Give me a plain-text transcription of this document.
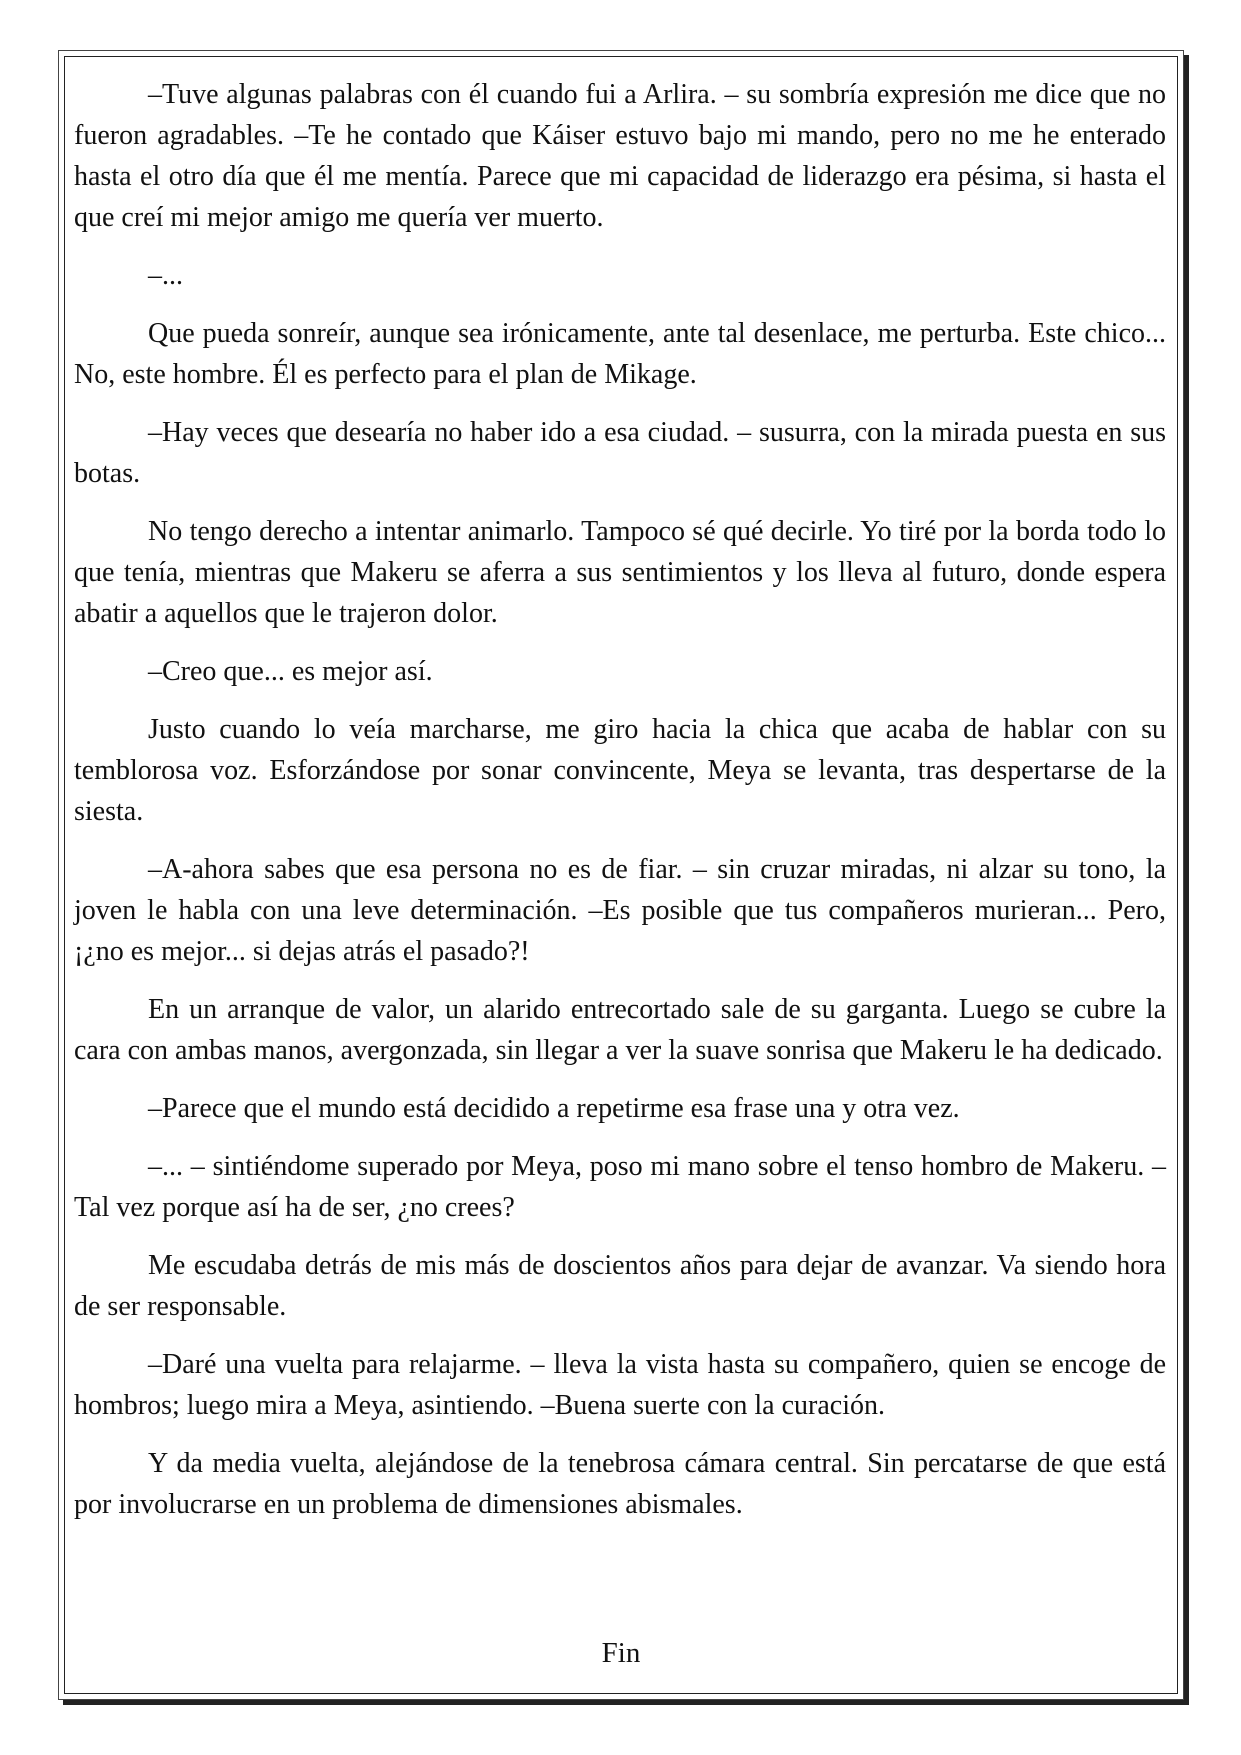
–Tuve algunas palabras con él cuando fui a Arlira. – su sombría expresión me dice que no fueron agradables. –Te he contado que Káiser estuvo bajo mi mando, pero no me he enterado hasta el otro día que él me mentía. Parece que mi capacidad de liderazgo era pésima, si hasta el que creí mi mejor amigo me quería ver muerto.

–...

Que pueda sonreír, aunque sea irónicamente, ante tal desenlace, me perturba. Este chico... No, este hombre. Él es perfecto para el plan de Mikage.

–Hay veces que desearía no haber ido a esa ciudad. – susurra, con la mirada puesta en sus botas.

No tengo derecho a intentar animarlo. Tampoco sé qué decirle. Yo tiré por la borda todo lo que tenía, mientras que Makeru se aferra a sus sentimientos y los lleva al futuro, donde espera abatir a aquellos que le trajeron dolor.

–Creo que... es mejor así.

Justo cuando lo veía marcharse, me giro hacia la chica que acaba de hablar con su temblorosa voz. Esforzándose por sonar convincente, Meya se levanta, tras despertarse de la siesta.

–A-ahora sabes que esa persona no es de fiar. – sin cruzar miradas, ni alzar su tono, la joven le habla con una leve determinación. –Es posible que tus compañeros murieran... Pero, ¡¿no es mejor... si dejas atrás el pasado?!

En un arranque de valor, un alarido entrecortado sale de su garganta. Luego se cubre la cara con ambas manos, avergonzada, sin llegar a ver la suave sonrisa que Makeru le ha dedicado.

–Parece que el mundo está decidido a repetirme esa frase una y otra vez.

–... – sintiéndome superado por Meya, poso mi mano sobre el tenso hombro de Makeru. –Tal vez porque así ha de ser, ¿no crees?

Me escudaba detrás de mis más de doscientos años para dejar de avanzar. Va siendo hora de ser responsable.

–Daré una vuelta para relajarme. – lleva la vista hasta su compañero, quien se encoge de hombros; luego mira a Meya, asintiendo. –Buena suerte con la curación.

Y da media vuelta, alejándose de la tenebrosa cámara central. Sin percatarse de que está por involucrarse en un problema de dimensiones abismales.

Fin
